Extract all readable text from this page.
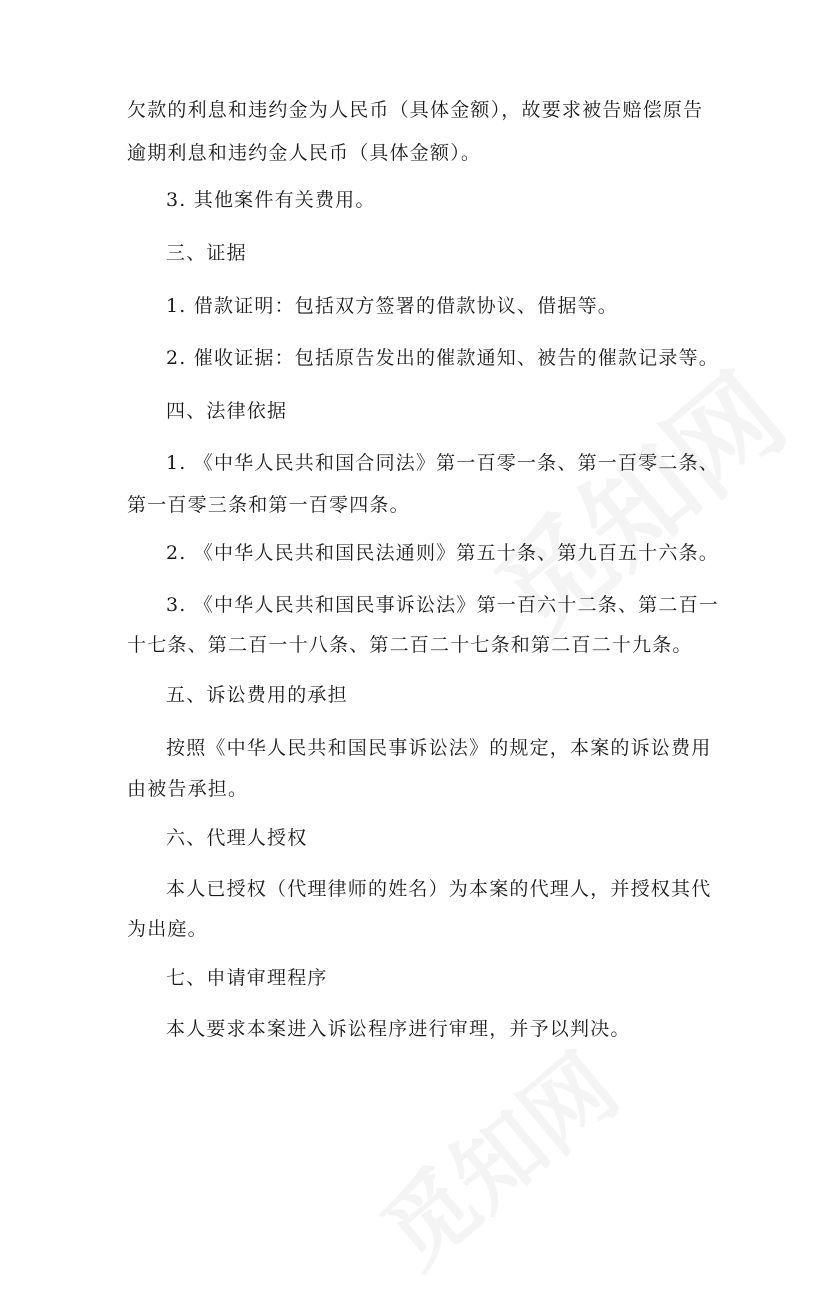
欠款的利息和违约金为人民币（具体金额），故要求被告赔偿原告
逾期利息和违约金人民币（具体金额）。
3. 其他案件有关费用。
三、证据
1. 借款证明：包括双方签署的借款协议、借据等。
2. 催收证据：包括原告发出的催款通知、被告的催款记录等。
四、法律依据
1. 《中华人民共和国合同法》第一百零一条、第一百零二条、
第一百零三条和第一百零四条。
2. 《中华人民共和国民法通则》第五十条、第九百五十六条。
3. 《中华人民共和国民事诉讼法》第一百六十二条、第二百一
十七条、第二百一十八条、第二百二十七条和第二百二十九条。
五、诉讼费用的承担
按照《中华人民共和国民事诉讼法》的规定，本案的诉讼费用
由被告承担。
六、代理人授权
本人已授权（代理律师的姓名）为本案的代理人，并授权其代
为出庭。
七、申请审理程序
本人要求本案进入诉讼程序进行审理，并予以判决。
